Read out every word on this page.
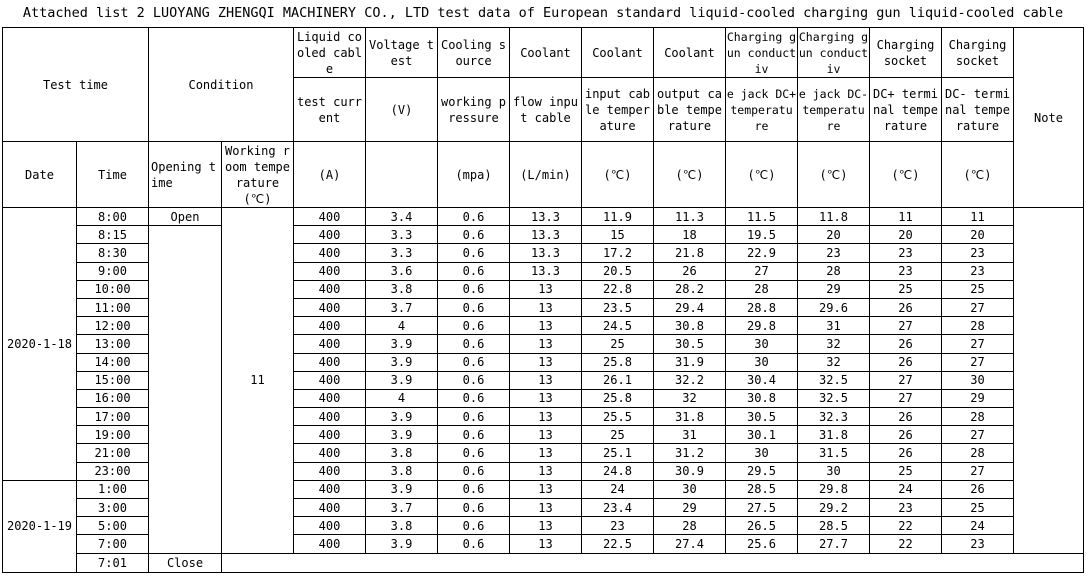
Attached list 2 LUOYANG ZHENGQI MACHINERY CO., LTD test data of European standard liquid-cooled charging gun liquid-cooled cable
Test time		Condition		Liquid cooled cable	Voltage test	Cooling source	Coolant	Coolant	Coolant	Charging gun conductiv	Charging gun conductiv	Charging socket	Charging socket	Note
				test current	(V)	working pressure	flow input cable	input cable temperature	output cable temperature	e jack DC+ temperatu re	e jack DC- temperatu re	DC+ terminal temperature	DC- terminal temperature	
Date	Time	Opening time	Working room temperature(℃)	(A)		(mpa)	(L/min)	(℃)	(℃)	(℃)	(℃)	(℃)	(℃)	
2020-1-18	8:00	Open	11	400	3.4	0.6	13.3	11.9	11.3	11.5	11.8	11	11	
	8:15			400	3.3	0.6	13.3	15	18	19.5	20	20	20	
	8:30			400	3.3	0.6	13.3	17.2	21.8	22.9	23	23	23	
	9:00			400	3.6	0.6	13.3	20.5	26	27	28	23	23	
	10:00			400	3.8	0.6	13	22.8	28.2	28	29	25	25	
	11:00			400	3.7	0.6	13	23.5	29.4	28.8	29.6	26	27	
	12:00			400	4	0.6	13	24.5	30.8	29.8	31	27	28	
	13:00			400	3.9	0.6	13	25	30.5	30	32	26	27	
	14:00			400	3.9	0.6	13	25.8	31.9	30	32	26	27	
	15:00			400	3.9	0.6	13	26.1	32.2	30.4	32.5	27	30	
	16:00			400	4	0.6	13	25.8	32	30.8	32.5	27	29	
	17:00			400	3.9	0.6	13	25.5	31.8	30.5	32.3	26	28	
	19:00			400	3.9	0.6	13	25	31	30.1	31.8	26	27	
	21:00			400	3.8	0.6	13	25.1	31.2	30	31.5	26	28	
	23:00			400	3.8	0.6	13	24.8	30.9	29.5	30	25	27	
2020-1-19	1:00			400	3.9	0.6	13	24	30	28.5	29.8	24	26	
	3:00			400	3.7	0.6	13	23.4	29	27.5	29.2	23	25	
	5:00			400	3.8	0.6	13	23	28	26.5	28.5	22	24	
	7:00			400	3.9	0.6	13	22.5	27.4	25.6	27.7	22	23	
	7:01	Close												
